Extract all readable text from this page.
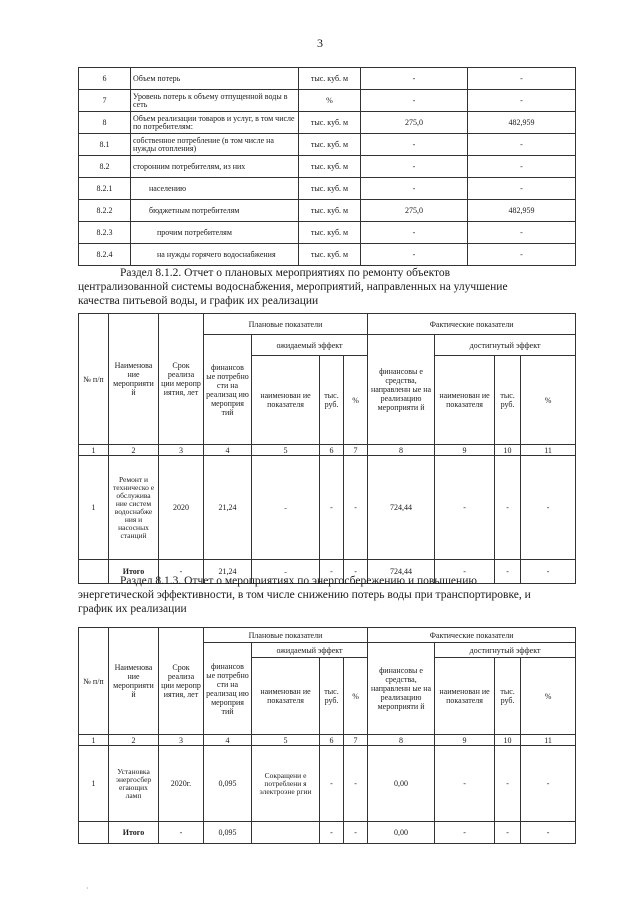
3
6	Объем потерь	тыс. куб. м	-	-
7	Уровень потерь к объему отпущенной воды в сеть	%	-	-
8	Объем реализации товаров и услуг, в том числе по потребителям:	тыс. куб. м	275,0	482,959
8.1	собственное потребление (в том числе на нужды отопления)	тыс. куб. м	-	-
8.2	сторонним потребителям, из них	тыс. куб. м	-	-
8.2.1	населению	тыс. куб. м	-	-
8.2.2	бюджетным потребителям	тыс. куб. м	275,0	482,959
8.2.3	прочим потребителям	тыс. куб. м	-	-
8.2.4	на нужды горячего водоснабжения	тыс. куб. м	-	-
Раздел 8.1.2. Отчет о плановых мероприятиях по ремонту объектов
централизованной системы водоснабжения, мероприятий, направленных на улучшение
качества питьевой воды, и график их реализации
№ п/п	Наименова ние мероприяти й	Срок реализа ции меропр иятия, лет	Плановые показатели				Фактические показатели			
			финансов ые потребно сти на реализац ию мероприя тий	ожидаемый эффект			финансовы е средства, направленн ые на реализацию мероприяти й	достигнутый эффект		
				наименован ие показателя	тыс. руб.	%		наименован ие показателя	тыс. руб.	%
1	2	3	4	5	6	7	8	9	10	11
1	Ремонт и техническо е обслужива ние систем водоснабже ния и насосных станций	2020	21,24	-	-	-	724,44	-	-	-
	Итого	-	21,24	-	-	-	724,44	-	-	-
Раздел 8.1.3. Отчет о мероприятиях по энергосбережению и повышению
энергетической эффективности, в том числе снижению потерь воды при транспортировке, и
график их реализации
№ п/п	Наименова ние мероприяти й	Срок реализа ции меропр иятия, лет	Плановые показатели				Фактические показатели			
			финансов ые потребно сти на реализац ию мероприя тий	ожидаемый эффект			финансовы е средства, направленн ые на реализацию мероприяти й	достигнутый эффект		
				наименован ие показателя	тыс. руб.	%		наименован ие показателя	тыс. руб.	%
1	2	3	4	5	6	7	8	9	10	11
1	Установка энергосбер егающих ламп	2020г.	0,095	Сокращени е потреблени я электроэне ргии	-	-	0,00	-	-	-
	Итого	-	0,095		-	-	0,00	-	-	-
·
